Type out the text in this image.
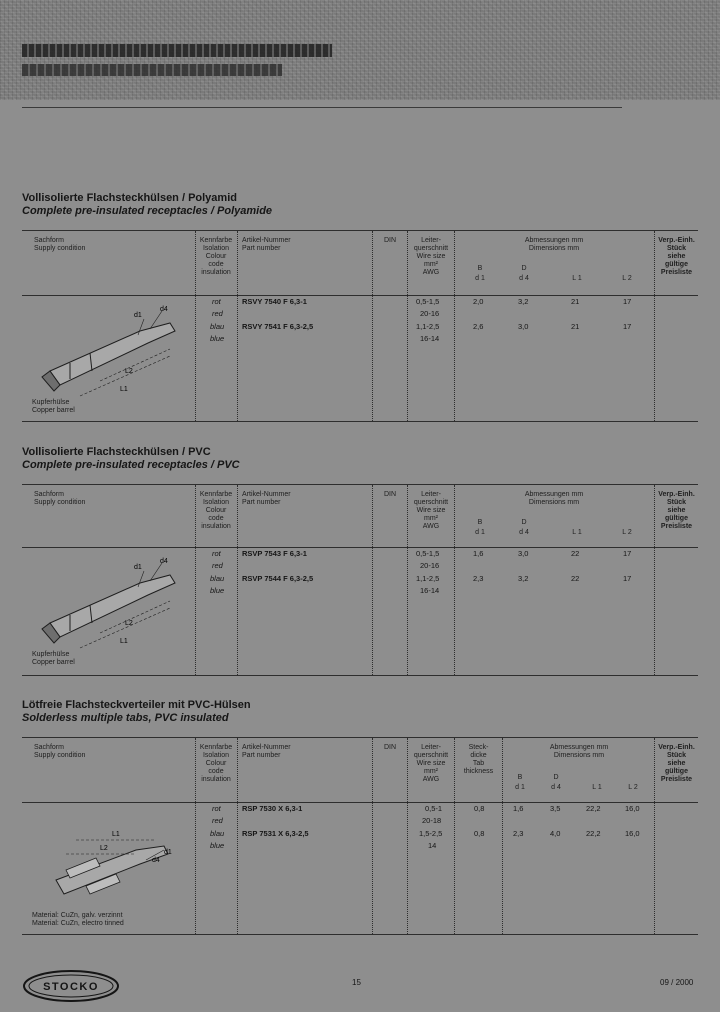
Vollisolierte Flachsteckhülsen / Polyamid
Complete pre-insulated receptacles / Polyamide
Sachform
Supply condition
Kennfarbe
Isolation
Colour
code
insulation
Artikel-Nummer
Part number
DIN	Leiter-
querschnitt
Wire size
mm²
AWG
Abmessungen mm
Dimensions mm
B	D
d 1	d 4	L 1	L 2
Verp.-Einh.
Stück
siehe
gültige
Preisliste
rot	RSVY 7540 F 6,3-1	0,5-1,5	2,0	3,2	21	17
red	20-16
blau RSVY 7541 F 6,3-2,5	1,1-2,5	2,6	3,0	21	17
blue	16-14
d4
d1
L2
L1
Kupferhülse
Copper barrel
Vollisolierte Flachsteckhülsen / PVC
Complete pre-insulated receptacles / PVC
Sachform
Supply condition
Kennfarbe
Isolation
Colour
code
insulation
Artikel-Nummer
Part number
DIN	Leiter-
querschnitt
Wire size
mm²
AWG
Abmessungen mm
Dimensions mm
B	D
d 1	d 4	L 1	L 2
Verp.-Einh.
Stück
siehe
gültige
Preisliste
rot	RSVP 7543 F 6,3-1	0,5-1,5	1,6	3,0	22	17
red	20-16
blau RSVP 7544 F 6,3-2,5	1,1-2,5	2,3	3,2	22	17
blue	16-14
d4
d1
L2
L1
Kupferhülse
Copper barrel
Lötfreie Flachsteckverteiler mit PVC-Hülsen
Solderless multiple tabs, PVC insulated
Sachform
Supply condition
Kennfarbe
Isolation
Colour
code
insulation
Artikel-Nummer
Part number
DIN	Leiter-
querschnitt
Wire size
mm²
AWG
Steck-
dicke
Tab
thickness
Abmessungen mm
Dimensions mm
B	D
d 1	d 4	L 1	L 2
Verp.-Einh.
Stück
siehe
gültige
Preisliste
rot	RSP 7530 X 6,3-1	0,5-1	0,8	1,6	3,5	22,2	16,0
red	20-18
blau RSP 7531 X 6,3-2,5	1,5-2,5	0,8	2,3	4,0	22,2	16,0
blue	14
L1
L2
d4
d1
Material: CuZn, galv. verzinnt
Material: CuZn, electro tinned
STOCKO	15	09 / 2000
